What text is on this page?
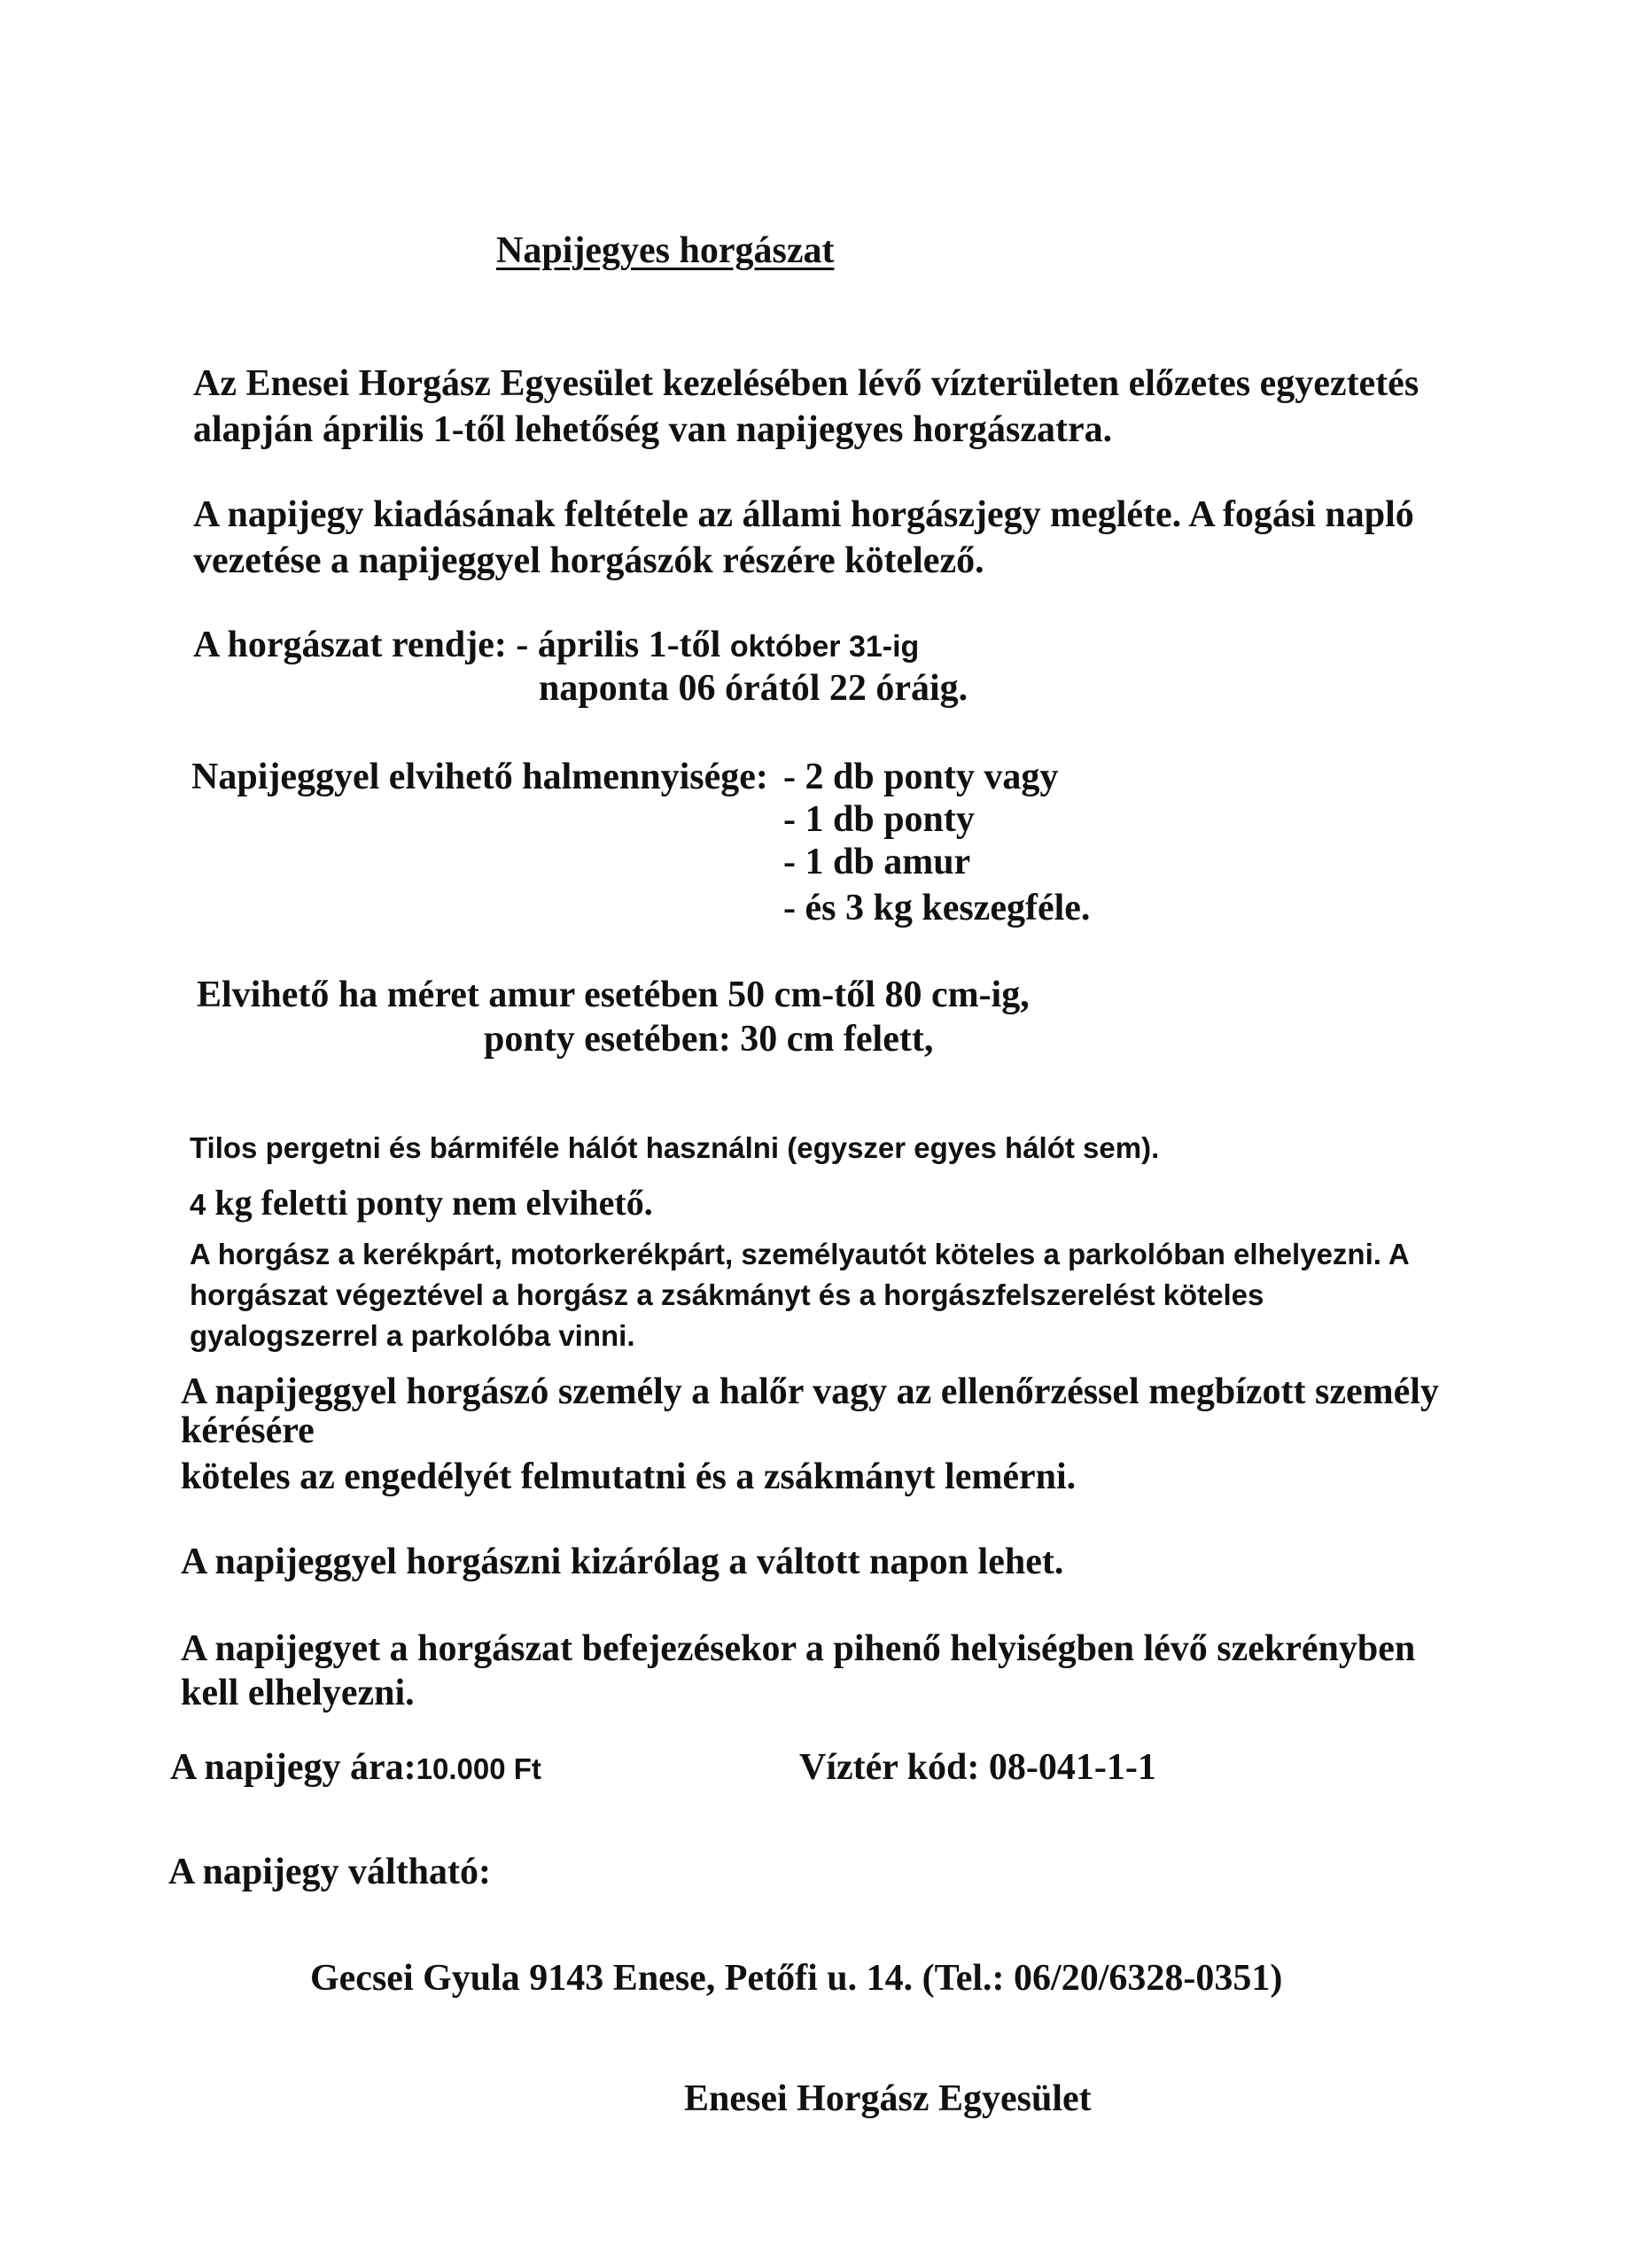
Napijegyes horgászat
Az Enesei Horgász Egyesület kezelésében lévő vízterületen előzetes egyeztetés
alapján április 1-től lehetőség van napijegyes horgászatra.
A napijegy kiadásának feltétele az állami horgászjegy megléte. A fogási napló
vezetése a napijeggyel horgászók részére kötelező.
A horgászat rendje: - április 1-től október 31-ig
naponta 06 órától 22 óráig.
Napijeggyel elvihető halmennyisége: - 2 db ponty vagy
- 1 db ponty
- 1 db amur
- és 3 kg keszegféle.
Elvihető ha méret amur esetében 50 cm-től 80 cm-ig,
ponty esetében: 30 cm felett,
Tilos pergetni és bármiféle hálót használni (egyszer egyes hálót sem).
4 kg feletti ponty nem elvihető.
A horgász a kerékpárt, motorkerékpárt, személyautót köteles a parkolóban elhelyezni. A
horgászat végeztével a horgász a zsákmányt és a horgászfelszerelést köteles
gyalogszerrel a parkolóba vinni.
A napijeggyel horgászó személy a halőr vagy az ellenőrzéssel megbízott személy
kérésére
köteles az engedélyét felmutatni és a zsákmányt lemérni.
A napijeggyel horgászni kizárólag a váltott napon lehet.
A napijegyet a horgászat befejezésekor a pihenő helyiségben lévő szekrényben
kell elhelyezni.
A napijegy ára:10.000 Ft	Víztér kód: 08-041-1-1
A napijegy váltható:
Gecsei Gyula 9143 Enese, Petőfi u. 14. (Tel.: 06/20/6328-0351)
Enesei Horgász Egyesület
